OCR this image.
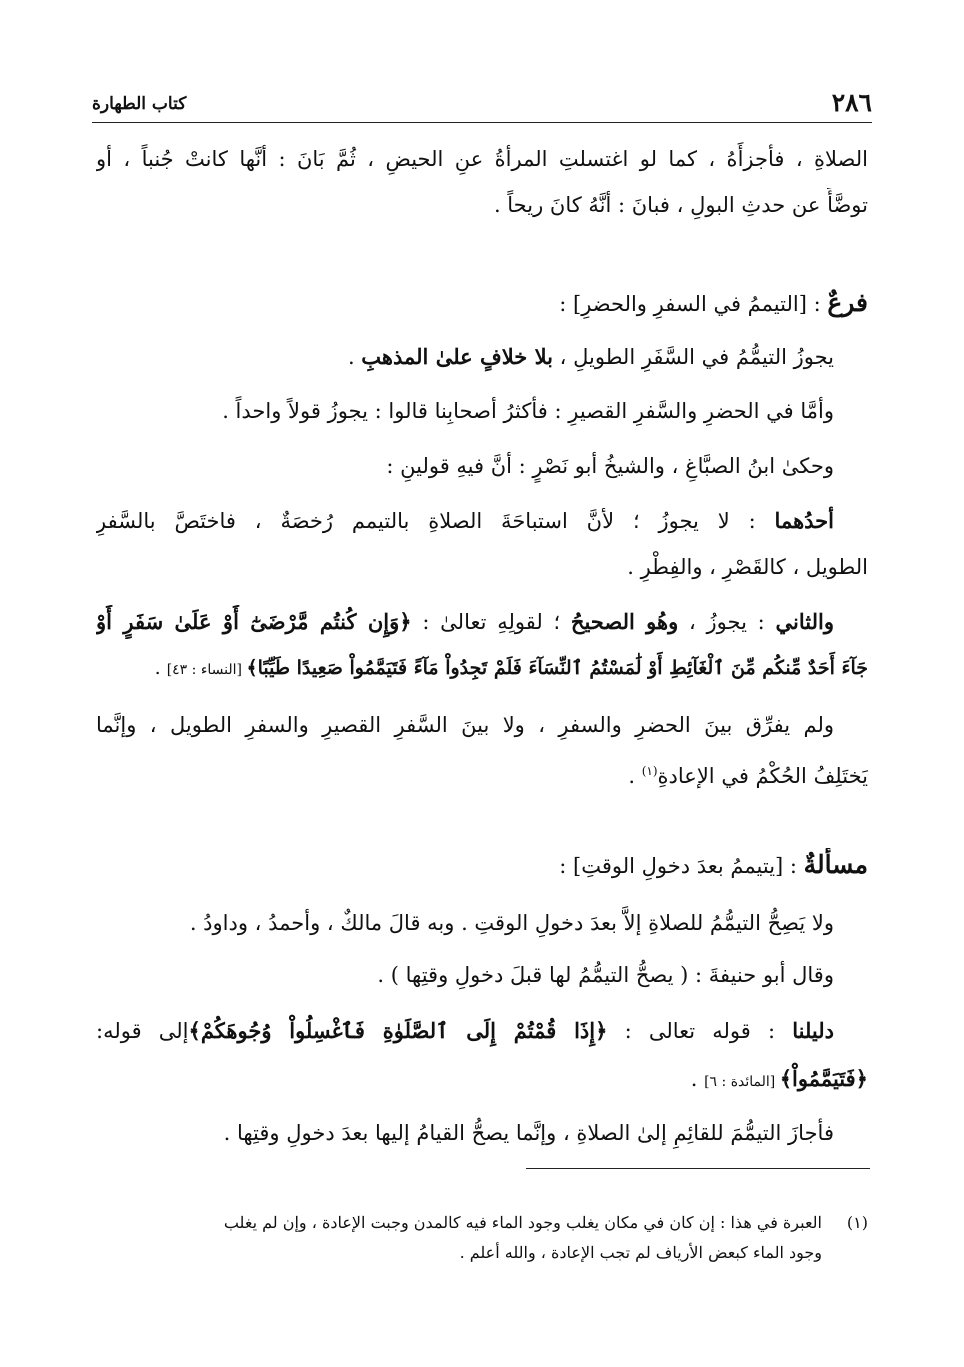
٢٨٦
كتاب الطهارة
الصلاةِ ، فأجزأَهُ ، كما لو اغتسلتِ المرأةُ عنِ الحيضِ ، ثُمَّ بَانَ : أنَّها كانتْ جُنباً ، أو
توضَّأَ عن حدثِ البولِ ، فبانَ : أنَّهُ كانَ ريحاً .
فرعٌ : [التيممُ في السفرِ والحضرِ] :
يجوزُ التيمُّمُ في السَّفَرِ الطويلِ ، بلا خلافٍ علىٰ المذهبِ .
وأمَّا في الحضرِ والسَّفرِ القصيرِ : فأكثرُ أصحابِنا قالوا : يجوزُ قولاً واحداً .
وحكىٰ ابنُ الصبَّاغِ ، والشيخُ أبو نَصْرٍ : أنَّ فيهِ قولينِ :
أحدُهما : لا يجوزُ ؛ لأنَّ استباحَةَ الصلاةِ بالتيمم رُخصَةٌ ، فاختَصَّ بالسَّفرِ
الطويل ، كالقَصْرِ ، والفِطْرِ .
والثاني : يجوزُ ، وهُو الصحيحُ ؛ لقولِهِ تعالىٰ : ﴿وَإِن كُنتُم مَّرْضَىٰٓ أَوْ عَلَىٰ سَفَرٍ أَوْ
جَآءَ أَحَدٌ مِّنكُم مِّنَ ٱلْغَآئِطِ أَوْ لَٰمَسْتُمُ ٱلنِّسَآءَ فَلَمْ تَجِدُواْ مَآءً فَتَيَمَّمُواْ صَعِيدًا طَيِّبًا﴾ [النساء : ٤٣] .
ولم يفرِّق بينَ الحضرِ والسفرِ ، ولا بينَ السَّفرِ القصيرِ والسفرِ الطويل ، وإنَّما
يَختَلِفُ الحُكْمُ في الإعادةِ$^{(١)}$ .
مسألةٌ : [يتيممُ بعدَ دخولِ الوقتِ] :
ولا يَصِحُّ التيمُّمُ للصلاةِ إلاَّ بعدَ دخولِ الوقتِ . وبه قالَ مالكٌ ، وأحمدُ ، وداودُ .
وقال أبو حنيفةَ : ( يصحُّ التيمُّمُ لها قبلَ دخولِ وقتِها ) .
دليلنا : قوله تعالى : ﴿إِذَا قُمْتُمْ إِلَى ٱلصَّلَوٰةِ فَٱغْسِلُواْ وُجُوهَكُمْ﴾إلى قوله:
﴿فَتَيَمَّمُواْ﴾ [المائدة : ٦] .
فأجازَ التيمُّمَ للقائِمِ إلىٰ الصلاةِ ، وإنَّما يصحُّ القيامُ إليها بعدَ دخولِ وقتِها .
(١)العبرة في هذا : إن كان في مكان يغلب وجود الماء فيه كالمدن وجبت الإعادة ، وإن لم يغلب
وجود الماء كبعض الأرياف لم تجب الإعادة ، والله أعلم .
